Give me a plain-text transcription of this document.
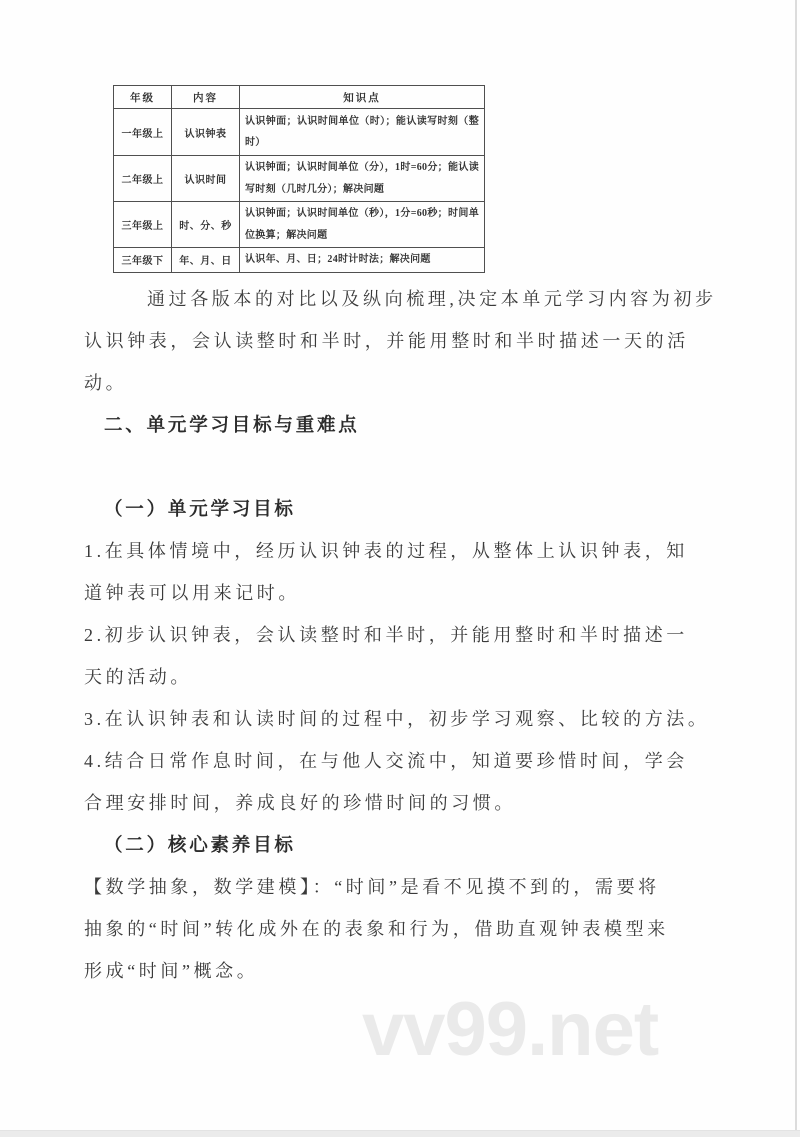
年级	内容	知识点
一年级上	认识钟表	认识钟面；认识时间单位（时）；能认读写时刻（整时）
二年级上	认识时间	认识钟面；认识时间单位（分），1时=60分；能认读写时刻（几时几分）；解决问题
三年级上	时、分、秒	认识钟面；认识时间单位（秒），1分=60秒；时间单位换算；解决问题
三年级下	年、月、日	认识年、月、日；24时计时法；解决问题
通过各版本的对比以及纵向梳理,决定本单元学习内容为初步
认识钟表，会认读整时和半时，并能用整时和半时描述一天的活
动。
二、单元学习目标与重难点
（一）单元学习目标
1.在具体情境中，经历认识钟表的过程，从整体上认识钟表，知
道钟表可以用来记时。
2.初步认识钟表，会认读整时和半时，并能用整时和半时描述一
天的活动。
3.在认识钟表和认读时间的过程中，初步学习观察、比较的方法。
4.结合日常作息时间，在与他人交流中，知道要珍惜时间，学会
合理安排时间，养成良好的珍惜时间的习惯。
（二）核心素养目标
【数学抽象，数学建模】：“时间”是看不见摸不到的，需要将
抽象的“时间”转化成外在的表象和行为，借助直观钟表模型来
形成“时间”概念。
vv99.net
